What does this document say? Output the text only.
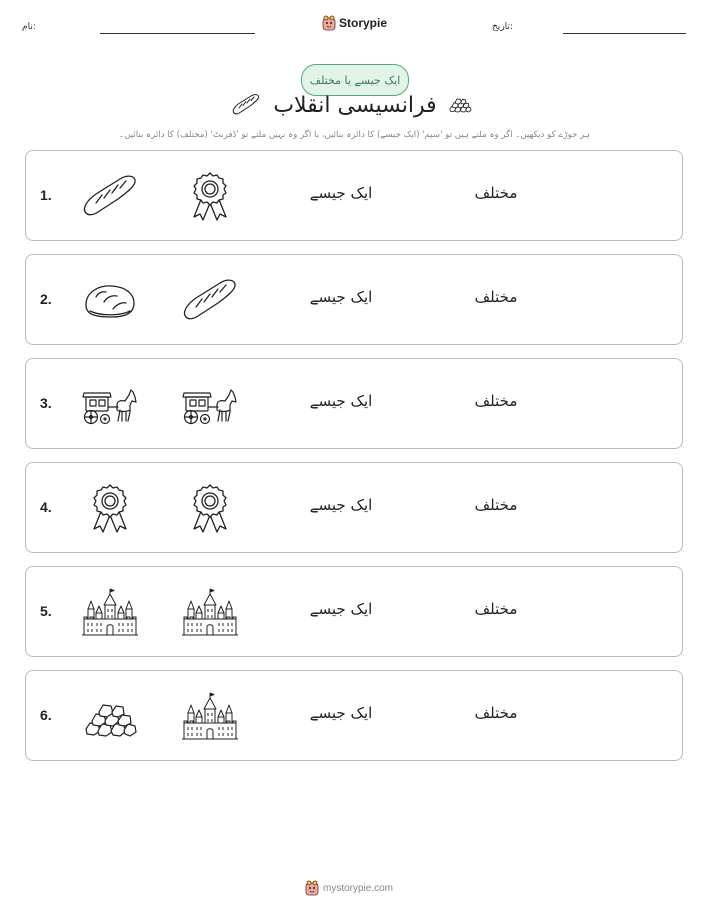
نام:	Storypie	تاریخ:
ایک جیسے یا مختلف
فرانسیسی انقلاب
ہر جوڑے کو دیکھیں۔ اگر وہ ملتے ہیں تو 'سیم' (ایک جیسے) کا دائرہ بنائیں، یا اگر وہ نہیں ملتے تو 'ڈفرنٹ' (مختلف) کا دائرہ بنائیں۔
1.	ایک جیسے	مختلف
2.	ایک جیسے	مختلف
3.	ایک جیسے	مختلف
4.	ایک جیسے	مختلف
5.	ایک جیسے	مختلف
6.	ایک جیسے	مختلف
mystorypie.com
